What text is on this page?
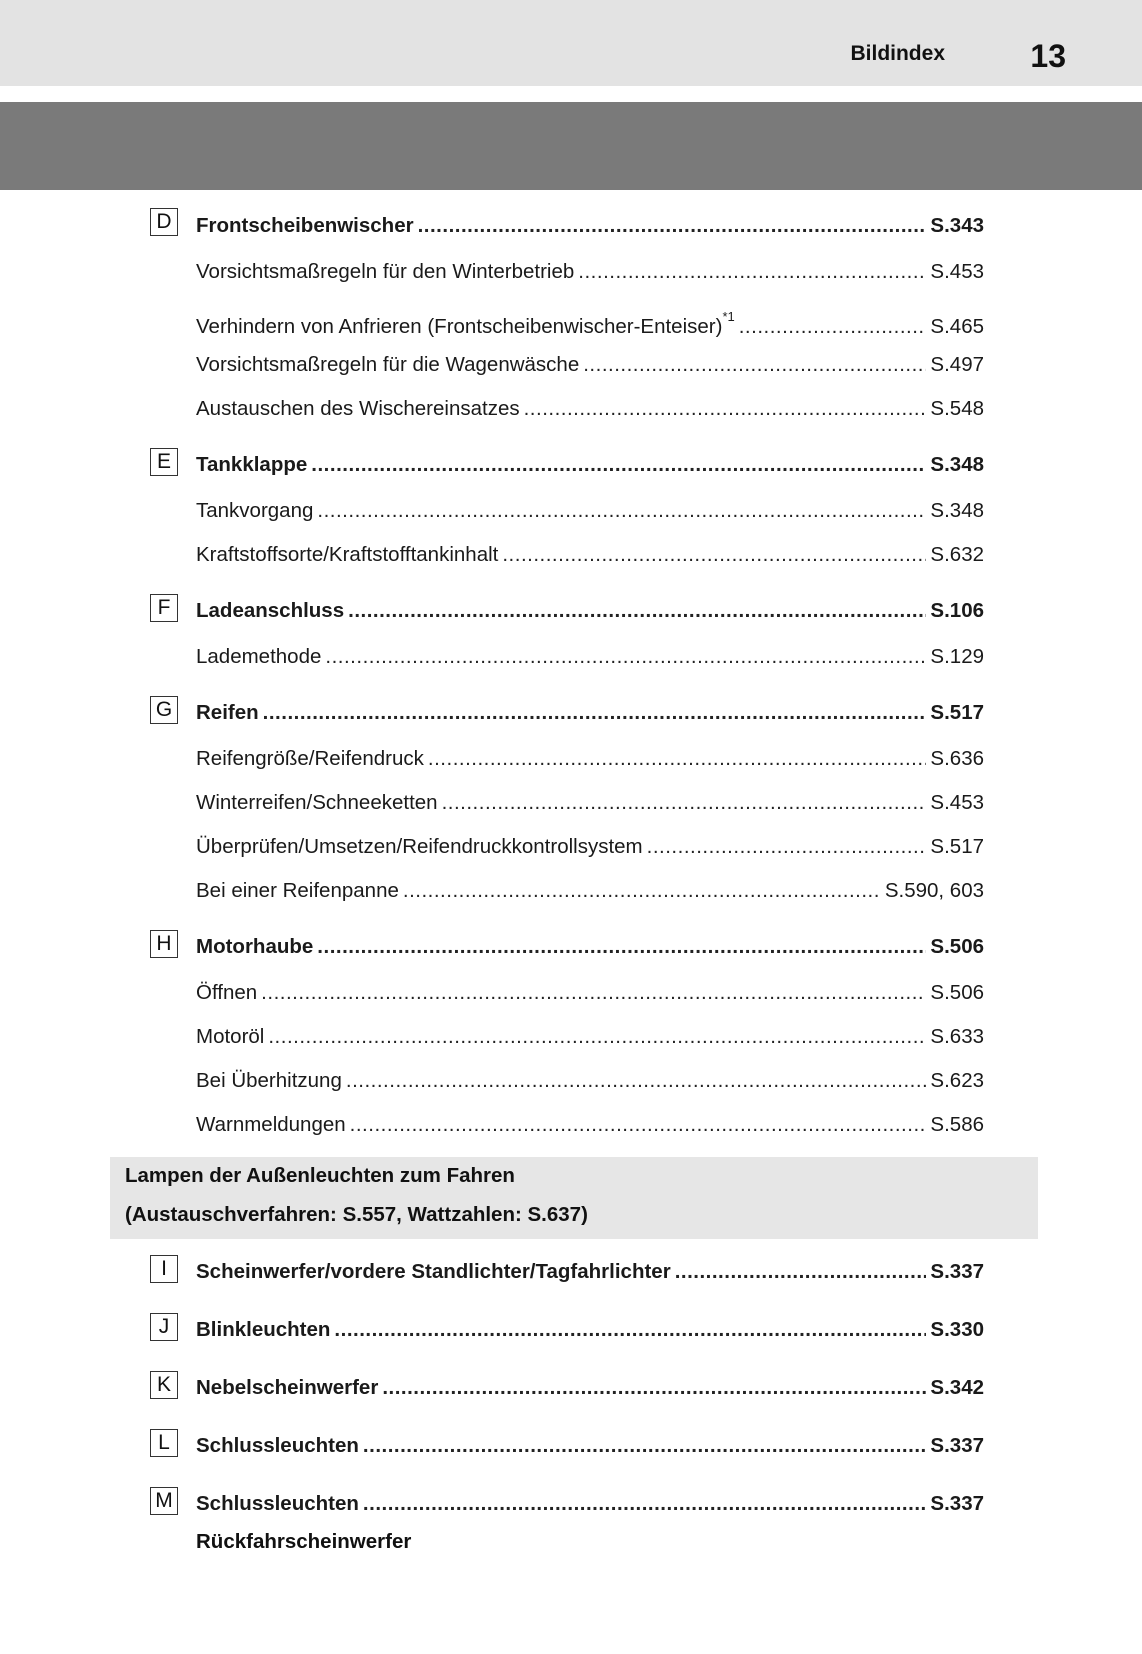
Bildindex	13
D	Frontscheibenwischer .....	S.343
Vorsichtsmaßregeln für den Winterbetrieb .....	S.453
Verhindern von Anfrieren (Frontscheibenwischer-Enteiser)$^{*1}$ .....	S.465
Vorsichtsmaßregeln für die Wagenwäsche .....	S.497
Austauschen des Wischereinsatzes .....	S.548
E	Tankklappe .....	S.348
Tankvorgang .....	S.348
Kraftstoffsorte/Kraftstofftankinhalt .....	S.632
F	Ladeanschluss .....	S.106
Lademethode .....	S.129
G Reifen .....	S.517
Reifengröße/Reifendruck .....	S.636
Winterreifen/Schneeketten .....	S.453
Überprüfen/Umsetzen/Reifendruckkontrollsystem .....	S.517
Bei einer Reifenpanne .....	S.590, 603
H	Motorhaube .....	S.506
Öffnen .....	S.506
Motoröl .....	S.633
Bei Überhitzung .....	S.623
Warnmeldungen .....	S.586
Lampen der Außenleuchten zum Fahren
(Austauschverfahren: S.557, Wattzahlen: S.637)
I	Scheinwerfer/vordere Standlichter/Tagfahrlichter .....	S.337
J	Blinkleuchten .....	S.330
K	Nebelscheinwerfer .....	S.342
L	Schlussleuchten .....	S.337
M Schlussleuchten .....	S.337
Rückfahrscheinwerfer
